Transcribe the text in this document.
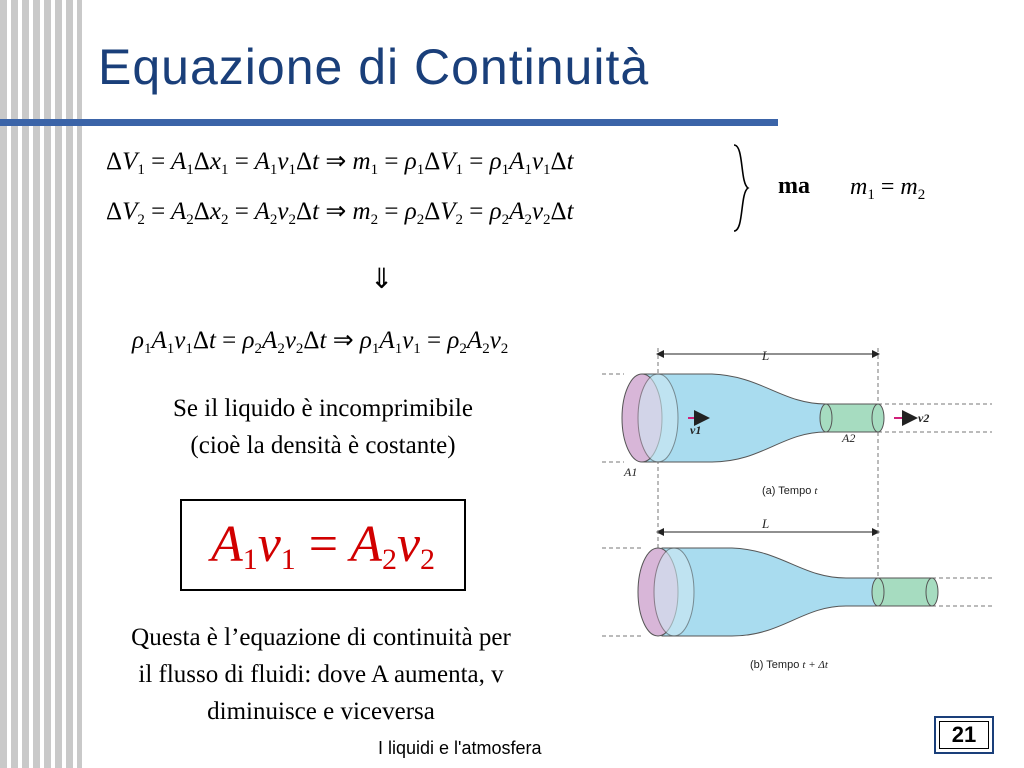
Equazione di Continuità
$\Delta V_1 = A_1\Delta x_1 = A_1v_1\Delta t$ ⇒ $m_1 = \rho_1\Delta V_1 = \rho_1A_1v_1\Delta t$
$\Delta V_2 = A_2\Delta x_2 = A_2v_2\Delta t$ ⇒ $m_2 = \rho_2\Delta V_2 = \rho_2A_2v_2\Delta t$
ma $m_1 = m_2$
⇓
$\rho_1A_1v_1\Delta t = \rho_2A_2v_2\Delta t$ ⇒ $\rho_1A_1v_1 = \rho_2A_2v_2$
Se il liquido è incomprimibile
(cioè la densità è costante)
$A_1v_1 = A_2v_2$
Questa è l’equazione di continuità per
il flusso di fluidi: dove A aumenta, v
diminuisce e viceversa
L
v1
v2
A1
A2
(a) Tempo t
L
(b) Tempo t + Δt
I liquidi e l'atmosfera
21
